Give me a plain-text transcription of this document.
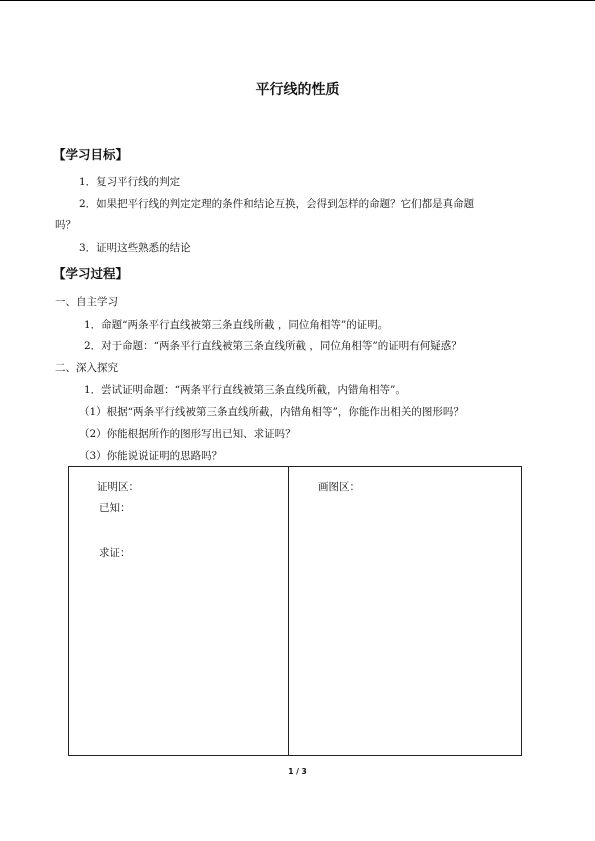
平行线的性质
【学习目标】
1．复习平行线的判定
2．如果把平行线的判定定理的条件和结论互换，会得到怎样的命题？它们都是真命题
吗？
3．证明这些熟悉的结论
【学习过程】
一、自主学习
1．命题“两条平行直线被第三条直线所截 ，同位角相等”的证明。
2．对于命题：“两条平行直线被第三条直线所截 ，同位角相等”的证明有何疑惑？
二、深入探究
1．尝试证明命题：“两条平行直线被第三条直线所截，内错角相等”。
（1）根据“两条平行线被第三条直线所截，内错角相等”，你能作出相关的图形吗？
（2）你能根据所作的图形写出已知、求证吗？
（3）你能说说证明的思路吗？
证明区：
已知：
求证：
画图区：
1 / 3
